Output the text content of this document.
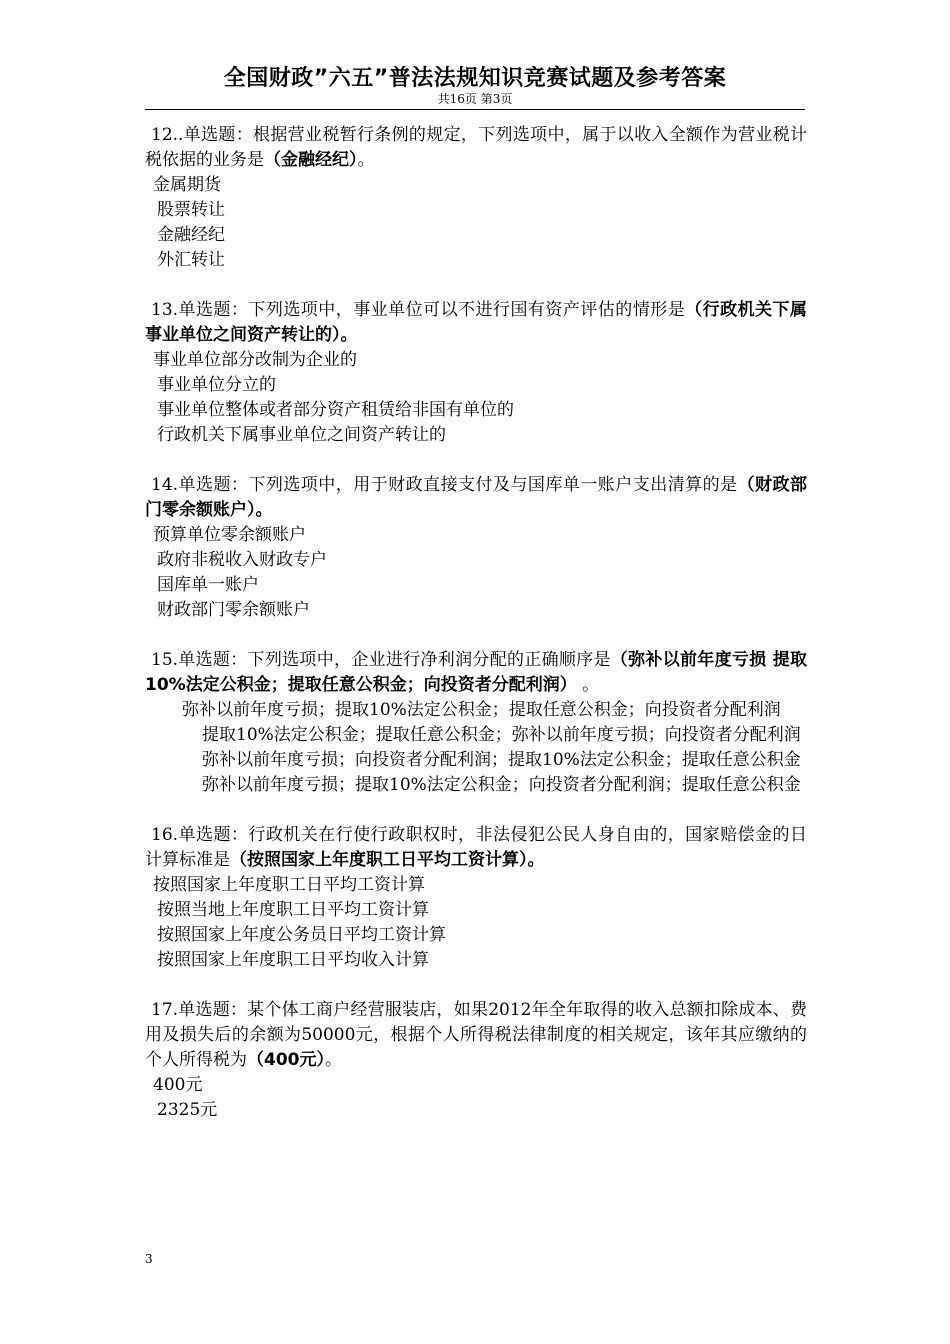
全国财政”六五”普法法规知识竞赛试题及参考答案
共16页 第3页

12..单选题：根据营业税暂行条例的规定，下列选项中，属于以收入全额作为营业税计税依据的业务是（金融经纪）。

金属期货

股票转让

金融经纪

外汇转让

13.单选题：下列选项中，事业单位可以不进行国有资产评估的情形是（行政机关下属事业单位之间资产转让的）。

事业单位部分改制为企业的

事业单位分立的

事业单位整体或者部分资产租赁给非国有单位的

行政机关下属事业单位之间资产转让的

14.单选题：下列选项中，用于财政直接支付及与国库单一账户支出清算的是（财政部门零余额账户）。

预算单位零余额账户

政府非税收入财政专户

国库单一账户

财政部门零余额账户

15.单选题：下列选项中，企业进行净利润分配的正确顺序是（弥补以前年度亏损 提取10%法定公积金；提取任意公积金；向投资者分配利润） 。

弥补以前年度亏损；提取10%法定公积金；提取任意公积金；向投资者分配利润

提取10%法定公积金；提取任意公积金；弥补以前年度亏损；向投资者分配利润

弥补以前年度亏损；向投资者分配利润；提取10%法定公积金；提取任意公积金

弥补以前年度亏损；提取10%法定公积金；向投资者分配利润；提取任意公积金

16.单选题：行政机关在行使行政职权时，非法侵犯公民人身自由的，国家赔偿金的日计算标准是（按照国家上年度职工日平均工资计算）。

按照国家上年度职工日平均工资计算

按照当地上年度职工日平均工资计算

按照国家上年度公务员日平均工资计算

按照国家上年度职工日平均收入计算

17.单选题：某个体工商户经营服装店，如果2012年全年取得的收入总额扣除成本、费用及损失后的余额为50000元，根据个人所得税法律制度的相关规定，该年其应缴纳的个人所得税为（400元）。

400元

2325元

3
